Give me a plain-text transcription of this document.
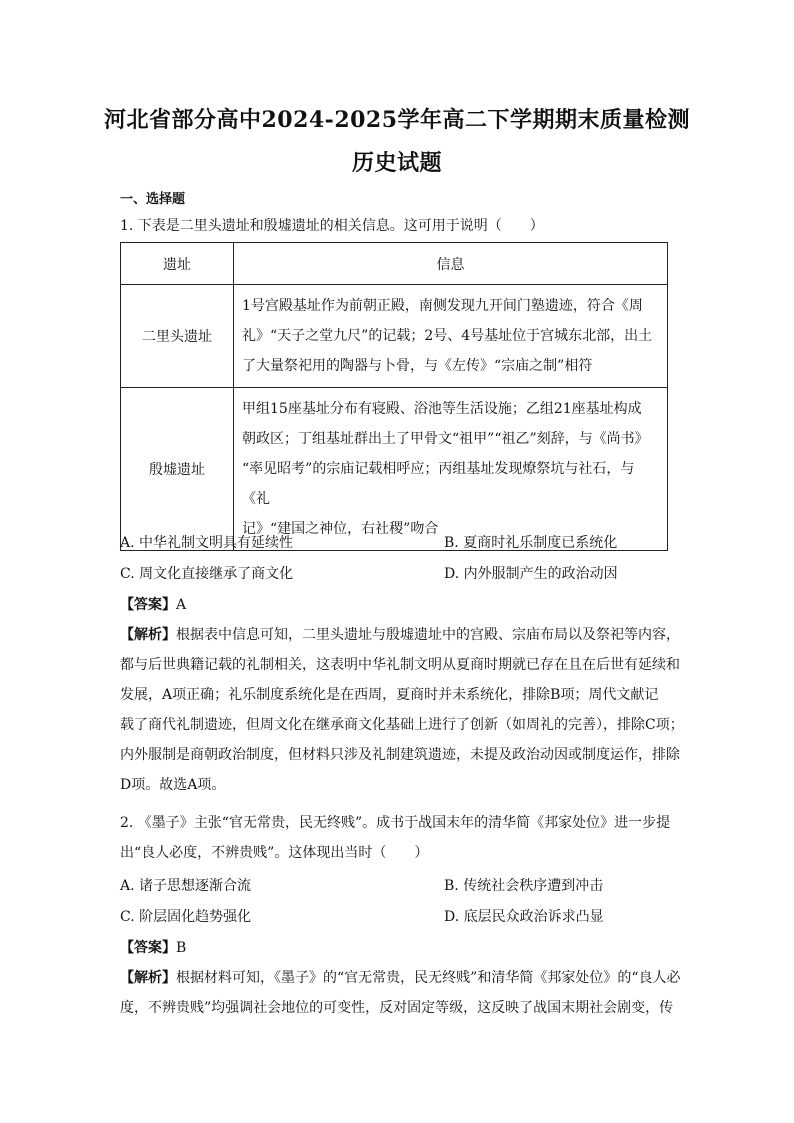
河北省部分高中2024-2025学年高二下学期期末质量检测
历史试题
一、选择题
1. 下表是二里头遗址和殷墟遗址的相关信息。这可用于说明（　　）
遗址	信息
二里头遗址	1号宫殿基址作为前朝正殿，南侧发现九开间门塾遗迹，符合《周
礼》“天子之堂九尺”的记载；2号、4号基址位于宫城东北部，出土
了大量祭祀用的陶器与卜骨，与《左传》“宗庙之制”相符

殷墟遗址	甲组15座基址分布有寝殿、浴池等生活设施；乙组21座基址构成
朝政区；丁组基址群出土了甲骨文“祖甲”“祖乙”刻辞，与《尚书》
“率见昭考”的宗庙记载相呼应；丙组基址发现燎祭坑与社石，与《礼
记》“建国之神位，右社稷”吻合
A. 中华礼制文明具有延续性	B. 夏商时礼乐制度已系统化
C. 周文化直接继承了商文化	D. 内外服制产生的政治动因
【答案】A
【解析】根据表中信息可知，二里头遗址与殷墟遗址中的宫殿、宗庙布局以及祭祀等内容，
都与后世典籍记载的礼制相关，这表明中华礼制文明从夏商时期就已存在且在后世有延续和
发展，A项正确；礼乐制度系统化是在西周，夏商时并未系统化，排除B项；周代文献记
载了商代礼制遗迹，但周文化在继承商文化基础上进行了创新（如周礼的完善），排除C项；
内外服制是商朝政治制度，但材料只涉及礼制建筑遗迹，未提及政治动因或制度运作，排除
D项。故选A项。
2. 《墨子》主张“官无常贵，民无终贱”。成书于战国末年的清华简《邦家处位》进一步提
出“良人必度，不辨贵贱”。这体现出当时（　　）
A. 诸子思想逐渐合流	B. 传统社会秩序遭到冲击
C. 阶层固化趋势强化	D. 底层民众政治诉求凸显
【答案】B
【解析】根据材料可知，《墨子》的“官无常贵，民无终贱”和清华简《邦家处位》的“良人必
度，不辨贵贱”均强调社会地位的可变性，反对固定等级，这反映了战国末期社会剧变，传
